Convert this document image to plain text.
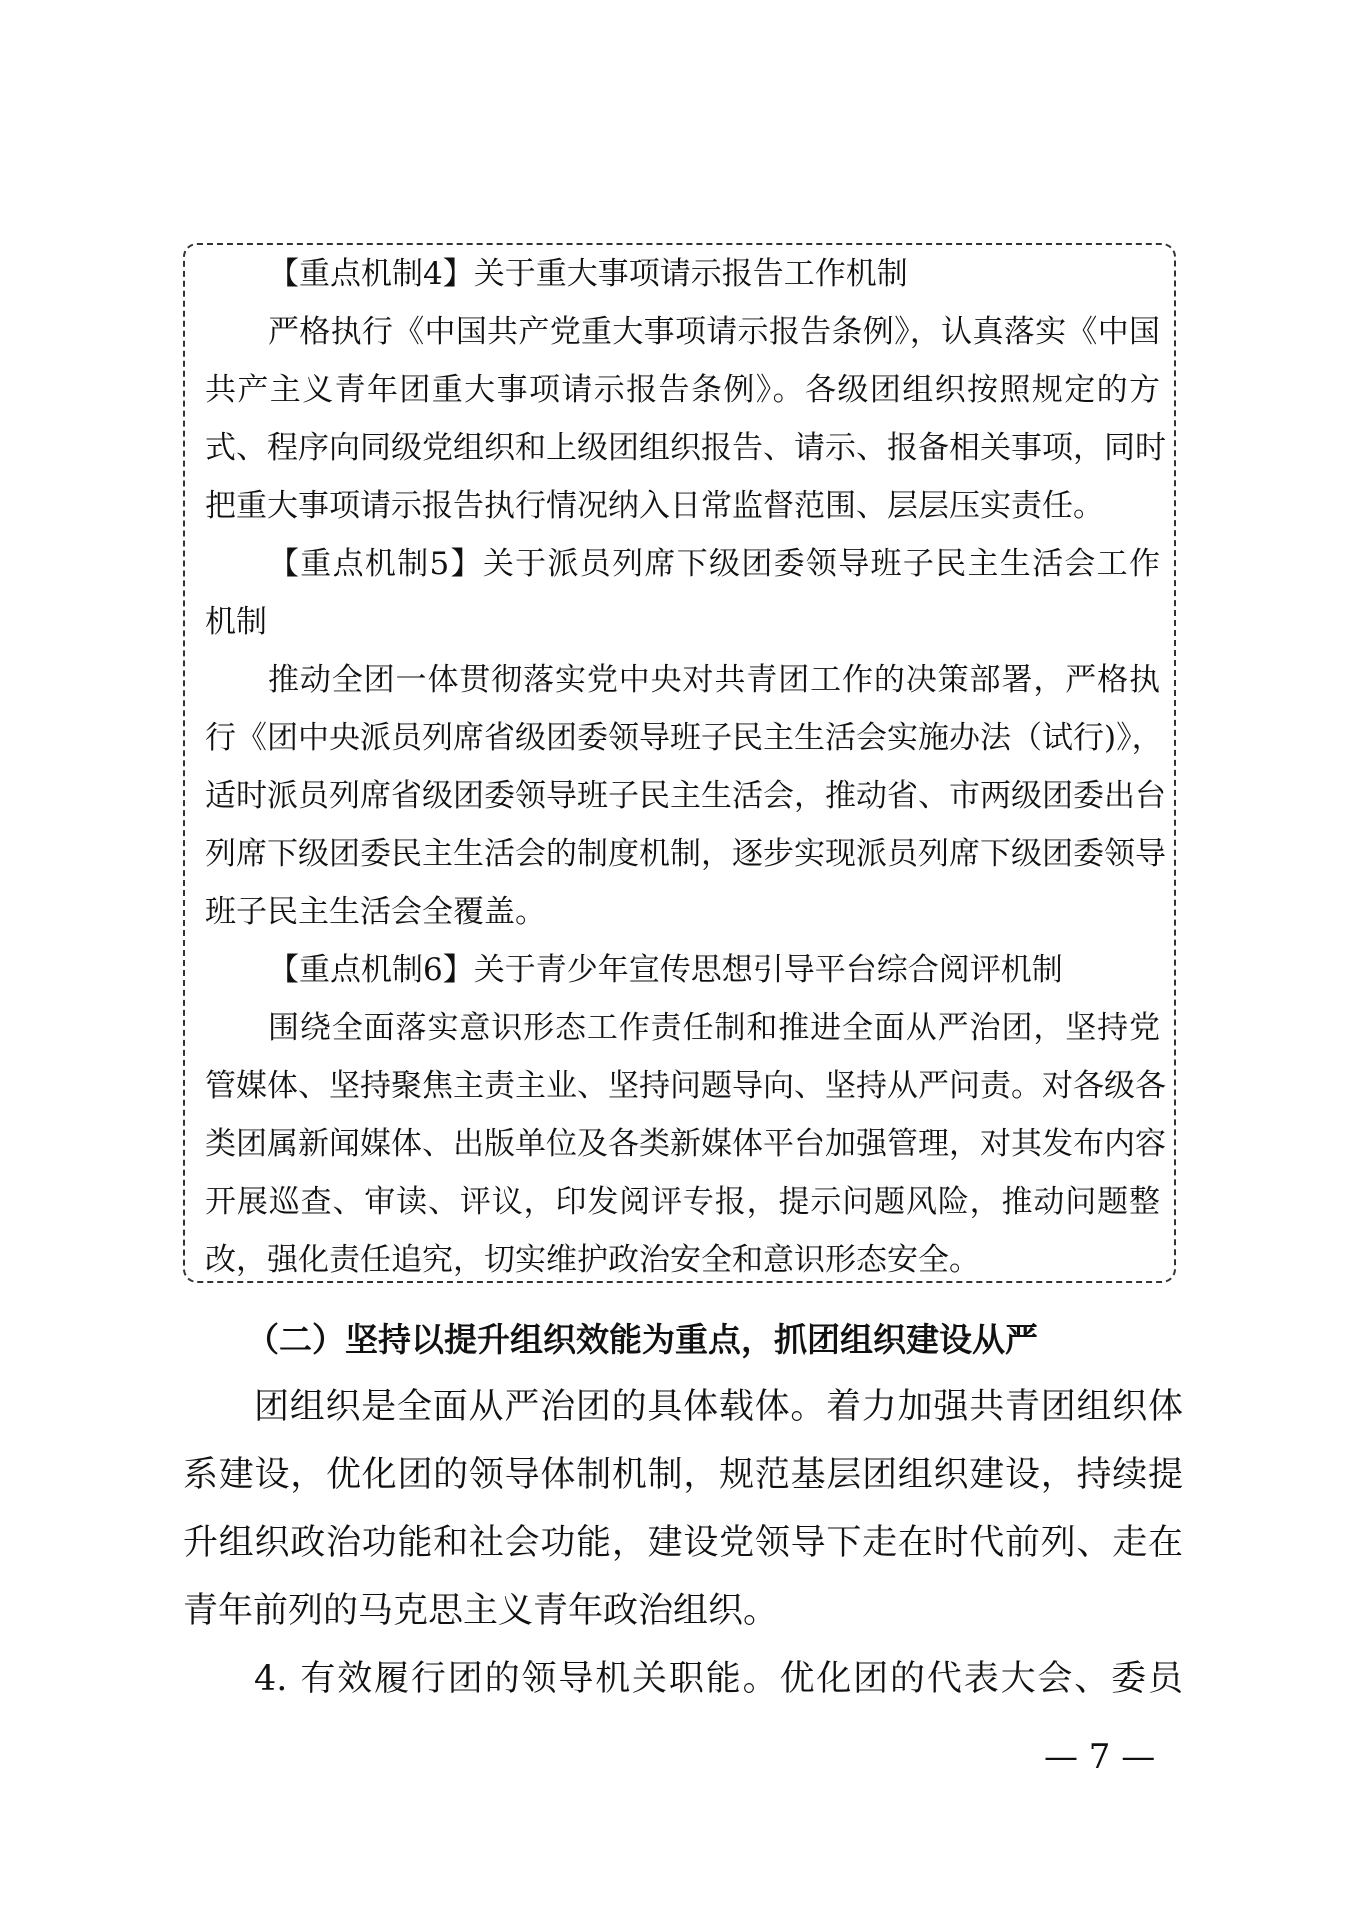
【重点机制4】关于重大事项请示报告工作机制
严格执行《中国共产党重大事项请示报告条例》，认真落实《中国
共产主义青年团重大事项请示报告条例》。各级团组织按照规定的方
式、程序向同级党组织和上级团组织报告、请示、报备相关事项，同时
把重大事项请示报告执行情况纳入日常监督范围、层层压实责任。
【重点机制5】关于派员列席下级团委领导班子民主生活会工作
机制
推动全团一体贯彻落实党中央对共青团工作的决策部署，严格执
行《团中央派员列席省级团委领导班子民主生活会实施办法（试行)》，
适时派员列席省级团委领导班子民主生活会，推动省、市两级团委出台
列席下级团委民主生活会的制度机制，逐步实现派员列席下级团委领导
班子民主生活会全覆盖。
【重点机制6】关于青少年宣传思想引导平台综合阅评机制
围绕全面落实意识形态工作责任制和推进全面从严治团，坚持党
管媒体、坚持聚焦主责主业、坚持问题导向、坚持从严问责。对各级各
类团属新闻媒体、出版单位及各类新媒体平台加强管理，对其发布内容
开展巡查、审读、评议，印发阅评专报，提示问题风险，推动问题整
改，强化责任追究，切实维护政治安全和意识形态安全。
（二）坚持以提升组织效能为重点，抓团组织建设从严
团组织是全面从严治团的具体载体。着力加强共青团组织体
系建设，优化团的领导体制机制，规范基层团组织建设，持续提
升组织政治功能和社会功能，建设党领导下走在时代前列、走在
青年前列的马克思主义青年政治组织。
4. 有效履行团的领导机关职能。优化团的代表大会、委员
— 7 —
